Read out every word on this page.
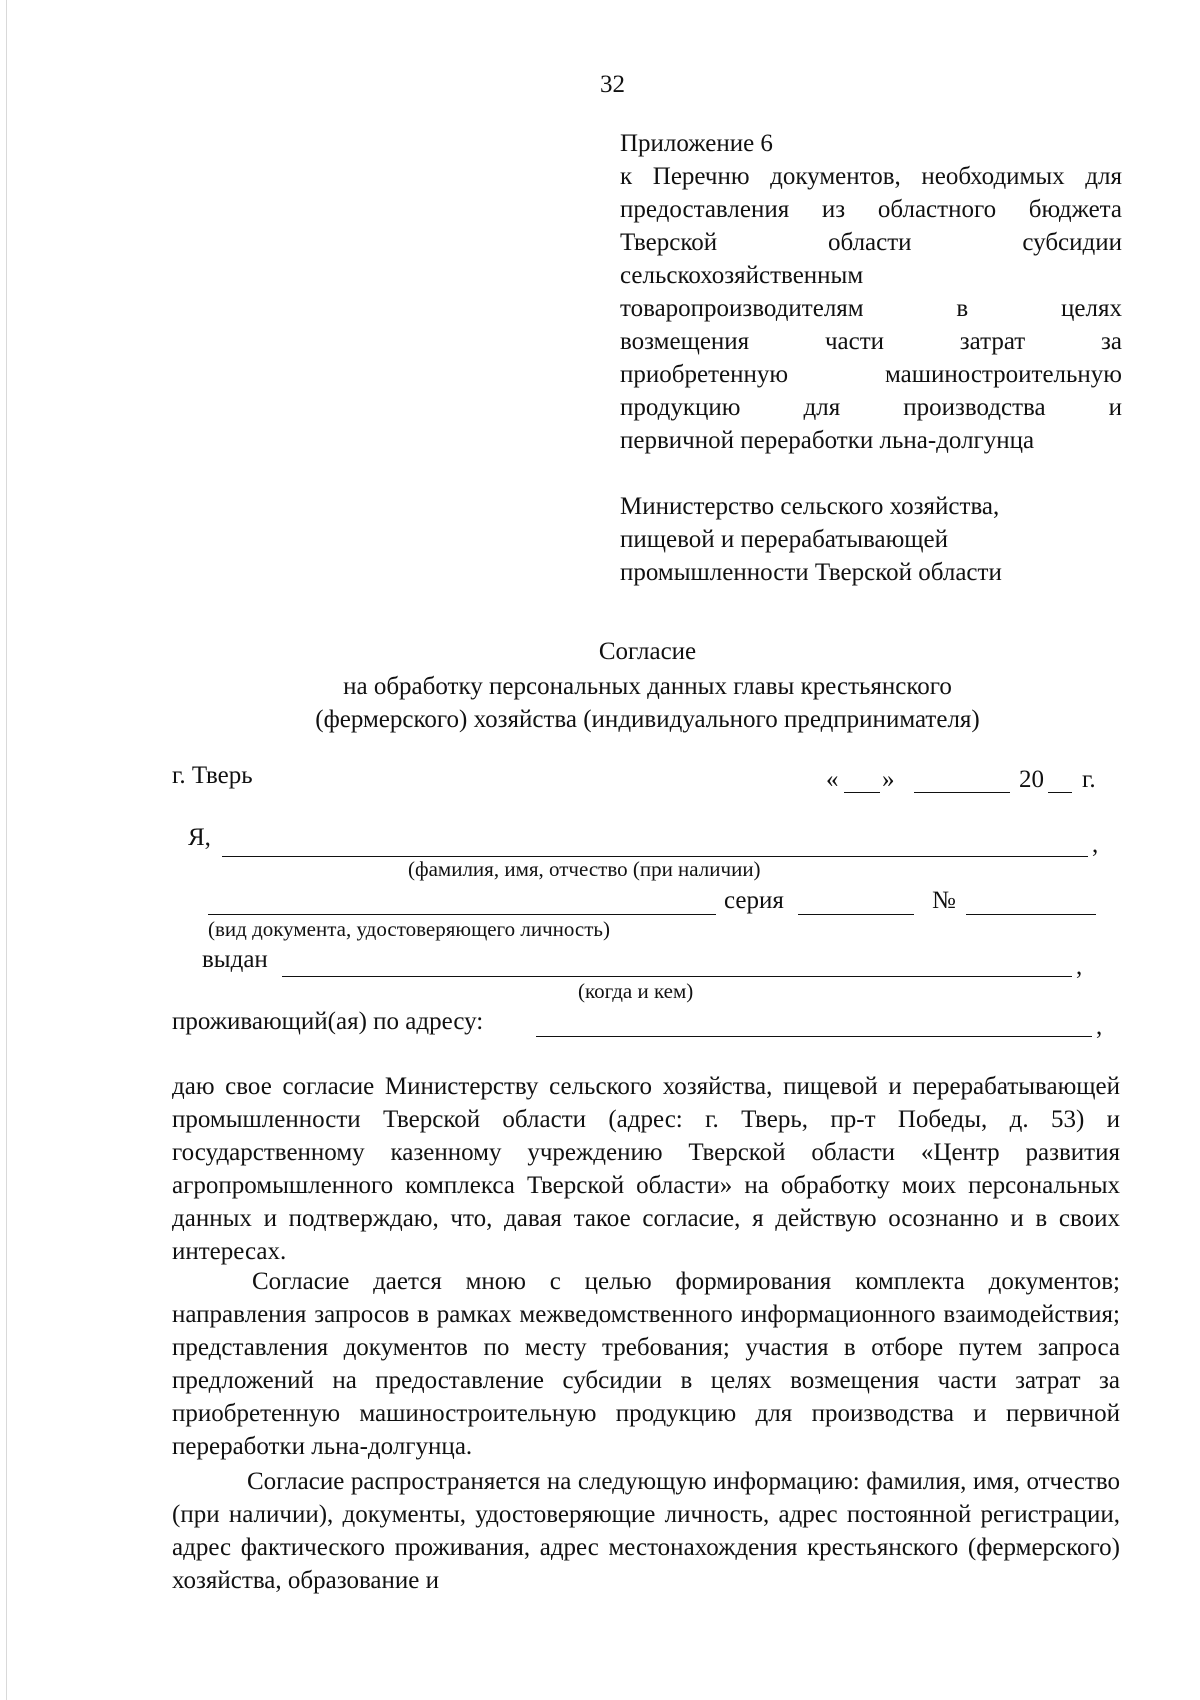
32
Приложение 6
к Перечню документов, необходимых для
предоставления из областного бюджета
Тверской области субсидии
сельскохозяйственным
товаропроизводителям в целях
возмещения части затрат за
приобретенную машиностроительную
продукцию для производства и
первичной переработки льна-долгунца
Министерство сельского хозяйства,
пищевой и перерабатывающей
промышленности Тверской области
Согласие
на обработку персональных данных главы крестьянского
(фермерского) хозяйства (индивидуального предпринимателя)
г. Тверь	« »	20 г.
Я,	,
(фамилия, имя, отчество (при наличии)
серия	№
(вид документа, удостоверяющего личность)
выдан	,
(когда и кем)
проживающий(ая) по адресу:	,

даю свое согласие Министерству сельского хозяйства, пищевой и перерабатывающей промышленности Тверской области (адрес: г. Тверь, пр-т Победы, д. 53) и государственному казенному учреждению Тверской области «Центр развития агропромышленного комплекса Тверской области» на обработку моих персональных данных и подтверждаю, что, давая такое согласие, я действую осознанно и в своих интересах.

Согласие дается мною с целью формирования комплекта документов; направления запросов в рамках межведомственного информационного взаимодействия; представления документов по месту требования; участия в отборе путем запроса предложений на предоставление субсидии в целях возмещения части затрат за приобретенную машиностроительную продукцию для производства и первичной переработки льна-долгунца.

Согласие распространяется на следующую информацию: фамилия, имя, отчество (при наличии), документы, удостоверяющие личность, адрес постоянной регистрации, адрес фактического проживания, адрес местонахождения крестьянского (фермерского) хозяйства, образование и
